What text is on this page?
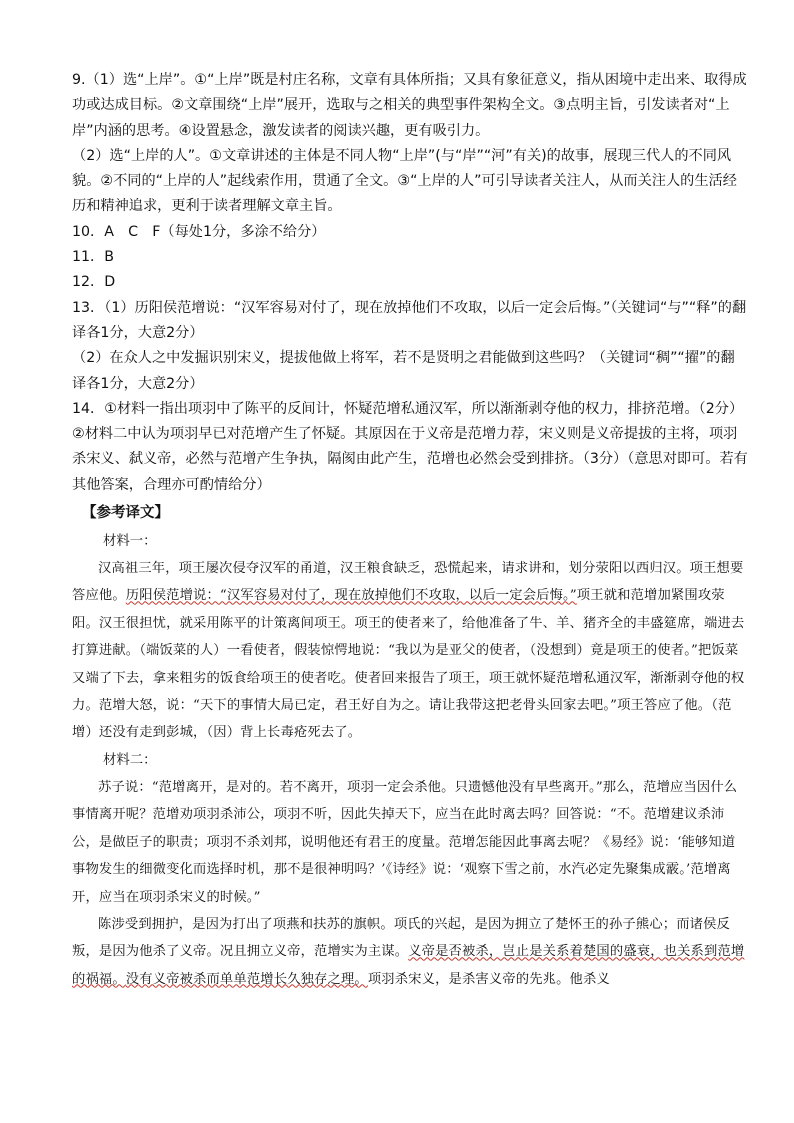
9.（1）选“上岸”。①“上岸”既是村庄名称，文章有具体所指；又具有象征意义，指从困境中走出来、取得成功或达成目标。②文章围绕“上岸”展开，选取与之相关的典型事件架构全文。③点明主旨，引发读者对“上岸”内涵的思考。④设置悬念，激发读者的阅读兴趣，更有吸引力。

（2）选“上岸的人”。①文章讲述的主体是不同人物“上岸”(与“岸”“河”有关)的故事，展现三代人的不同风貌。②不同的“上岸的人”起线索作用，贯通了全文。③“上岸的人”可引导读者关注人，从而关注人的生活经历和精神追求，更利于读者理解文章主旨。

10．A　C　F（每处1分，多涂不给分）

11．B

12．D

13．（1）历阳侯范增说：“汉军容易对付了，现在放掉他们不攻取，以后一定会后悔。”（关键词“与”“释”的翻译各1分，大意2分）

（2）在众人之中发掘识别宋义，提拔他做上将军，若不是贤明之君能做到这些吗？（关键词“稠”“擢”的翻译各1分，大意2分）

14．①材料一指出项羽中了陈平的反间计，怀疑范增私通汉军，所以渐渐剥夺他的权力，排挤范增。（2分）②材料二中认为项羽早已对范增产生了怀疑。其原因在于义帝是范增力荐，宋义则是义帝提拔的主将，项羽杀宋义、弑义帝，必然与范增产生争执，隔阂由此产生，范增也必然会受到排挤。（3分）（意思对即可。若有其他答案，合理亦可酌情给分）

【参考译文】
材料一：

汉高祖三年，项王屡次侵夺汉军的甬道，汉王粮食缺乏，恐慌起来，请求讲和，划分荥阳以西归汉。项王想要答应他。历阳侯范增说：“汉军容易对付了，现在放掉他们不攻取，以后一定会后悔。”项王就和范增加紧围攻荥阳。汉王很担忧，就采用陈平的计策离间项王。项王的使者来了，给他准备了牛、羊、猪齐全的丰盛筵席，端进去打算进献。（端饭菜的人）一看使者，假装惊愕地说：“我以为是亚父的使者，（没想到）竟是项王的使者。”把饭菜又端了下去，拿来粗劣的饭食给项王的使者吃。使者回来报告了项王，项王就怀疑范增私通汉军，渐渐剥夺他的权力。范增大怒，说：“天下的事情大局已定，君王好自为之。请让我带这把老骨头回家去吧。”项王答应了他。（范增）还没有走到彭城，（因）背上长毒疮死去了。

材料二：

苏子说：“范增离开，是对的。若不离开，项羽一定会杀他。只遗憾他没有早些离开。”那么，范增应当因什么事情离开呢？范增劝项羽杀沛公，项羽不听，因此失掉天下，应当在此时离去吗？回答说：“不。范增建议杀沛公，是做臣子的职责；项羽不杀刘邦，说明他还有君王的度量。范增怎能因此事离去呢？《易经》说：‘能够知道事物发生的细微变化而选择时机，那不是很神明吗？’《诗经》说：‘观察下雪之前，水汽必定先聚集成霰。’范增离开，应当在项羽杀宋义的时候。”

陈涉受到拥护，是因为打出了项燕和扶苏的旗帜。项氏的兴起，是因为拥立了楚怀王的孙子熊心；而诸侯反叛，是因为他杀了义帝。况且拥立义帝，范增实为主谋。义帝是否被杀，岂止是关系着楚国的盛衰，也关系到范增的祸福。没有义帝被杀而单单范增长久独存之理。项羽杀宋义，是杀害义帝的先兆。他杀义
